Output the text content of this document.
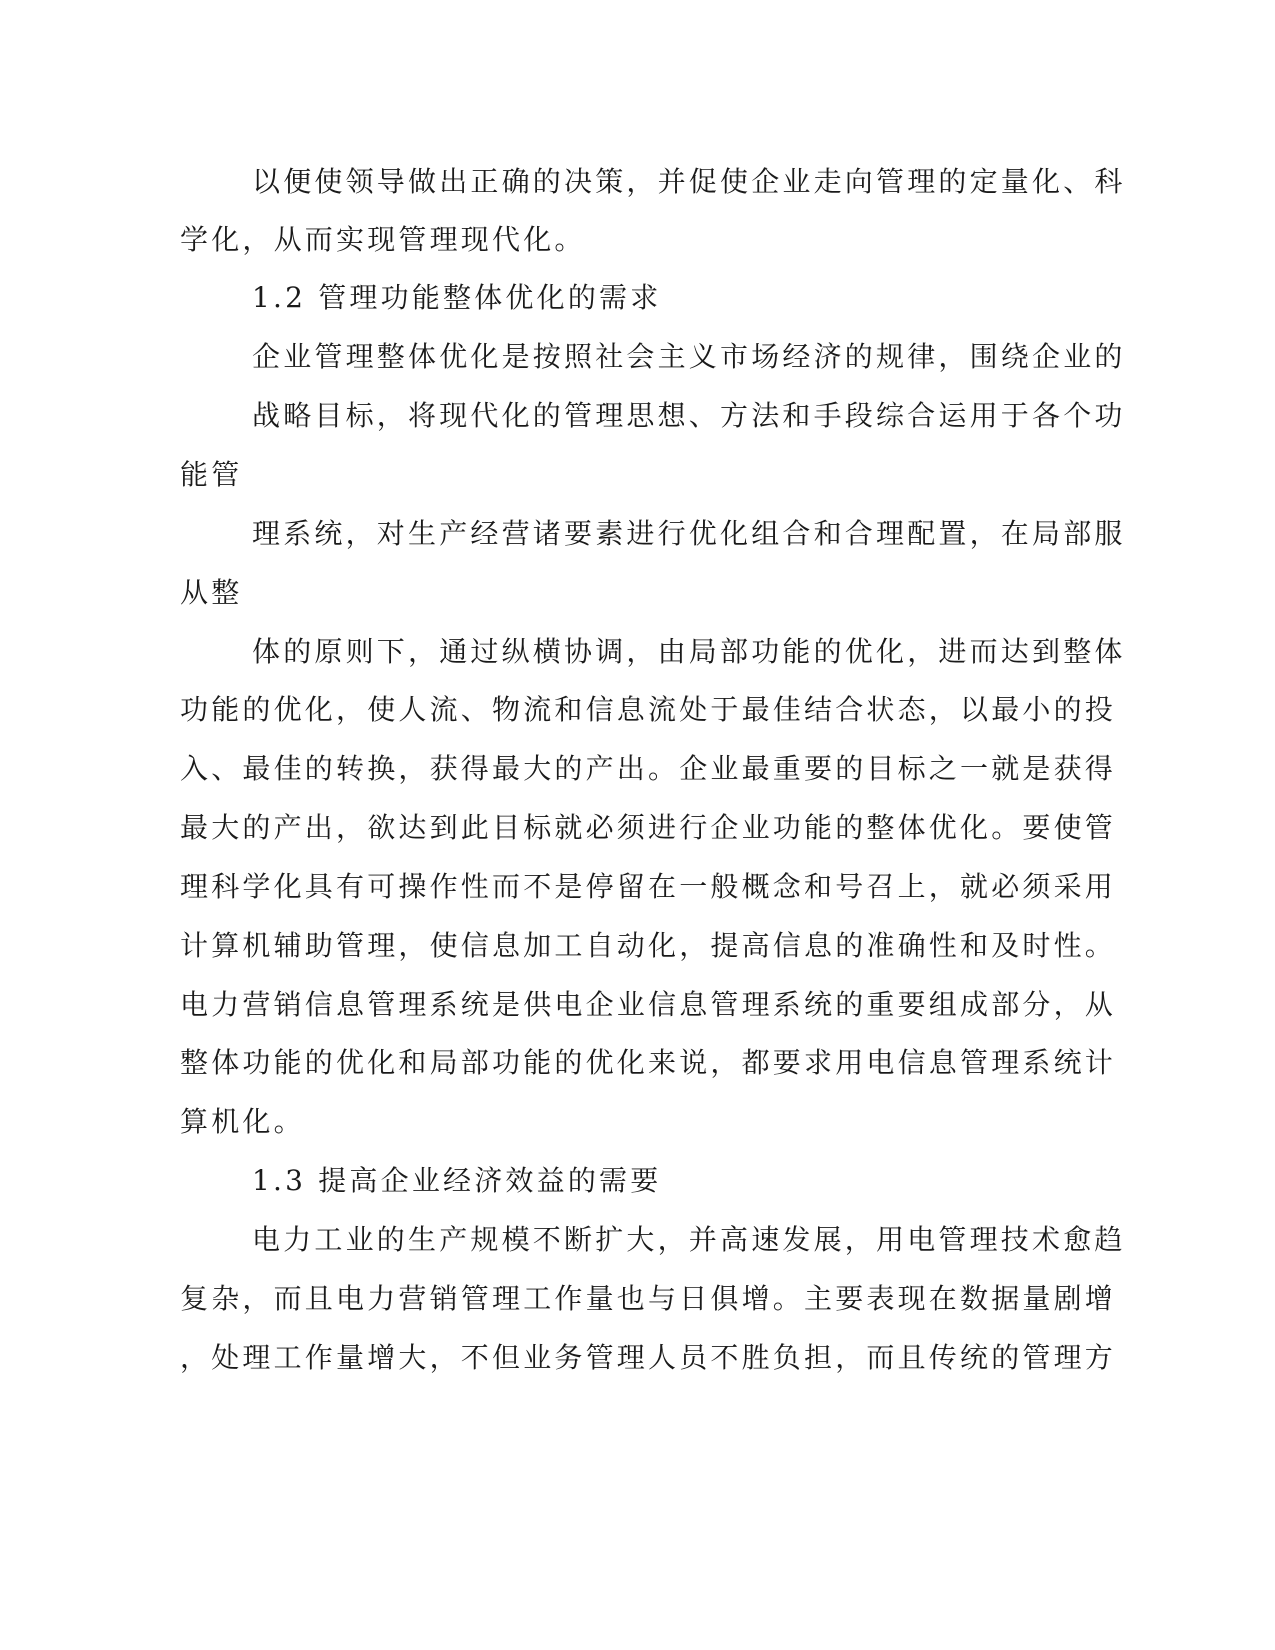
以便使领导做出正确的决策，并促使企业走向管理的定量化、科
学化，从而实现管理现代化。
1.2 管理功能整体优化的需求
企业管理整体优化是按照社会主义市场经济的规律，围绕企业的
战略目标，将现代化的管理思想、方法和手段综合运用于各个功
能管
理系统，对生产经营诸要素进行优化组合和合理配置，在局部服
从整
体的原则下，通过纵横协调，由局部功能的优化，进而达到整体
功能的优化，使人流、物流和信息流处于最佳结合状态，以最小的投
入、最佳的转换，获得最大的产出。企业最重要的目标之一就是获得
最大的产出，欲达到此目标就必须进行企业功能的整体优化。要使管
理科学化具有可操作性而不是停留在一般概念和号召上，就必须采用
计算机辅助管理，使信息加工自动化，提高信息的准确性和及时性。
电力营销信息管理系统是供电企业信息管理系统的重要组成部分，从
整体功能的优化和局部功能的优化来说，都要求用电信息管理系统计
算机化。
1.3 提高企业经济效益的需要
电力工业的生产规模不断扩大，并高速发展，用电管理技术愈趋
复杂，而且电力营销管理工作量也与日俱增。主要表现在数据量剧增
，处理工作量增大，不但业务管理人员不胜负担，而且传统的管理方
